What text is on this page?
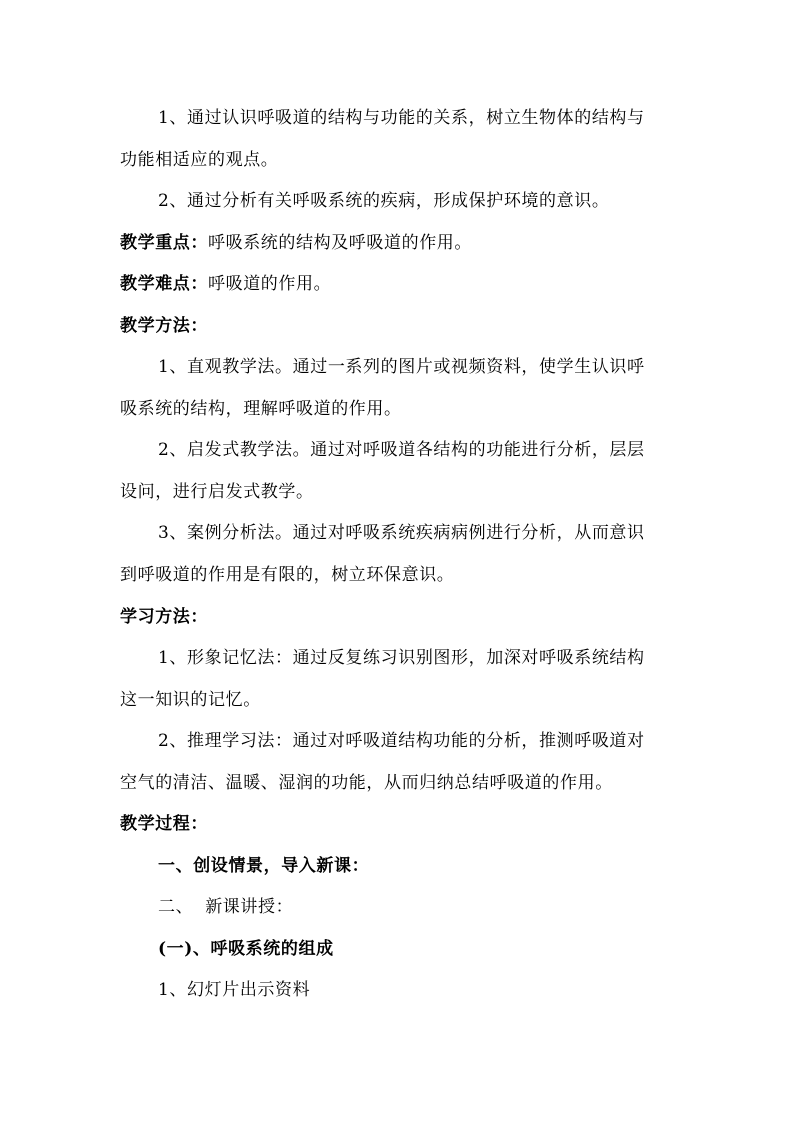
1、通过认识呼吸道的结构与功能的关系，树立生物体的结构与
功能相适应的观点。
2、通过分析有关呼吸系统的疾病，形成保护环境的意识。
教学重点：呼吸系统的结构及呼吸道的作用。
教学难点：呼吸道的作用。
教学方法：
1、直观教学法。通过一系列的图片或视频资料，使学生认识呼
吸系统的结构，理解呼吸道的作用。
2、启发式教学法。通过对呼吸道各结构的功能进行分析，层层
设问，进行启发式教学。
3、案例分析法。通过对呼吸系统疾病病例进行分析，从而意识
到呼吸道的作用是有限的，树立环保意识。
学习方法：
1、形象记忆法：通过反复练习识别图形，加深对呼吸系统结构
这一知识的记忆。
2、推理学习法：通过对呼吸道结构功能的分析，推测呼吸道对
空气的清洁、温暖、湿润的功能，从而归纳总结呼吸道的作用。
教学过程：
一、创设情景，导入新课：
二、  新课讲授：
(一)、呼吸系统的组成
1、幻灯片出示资料
